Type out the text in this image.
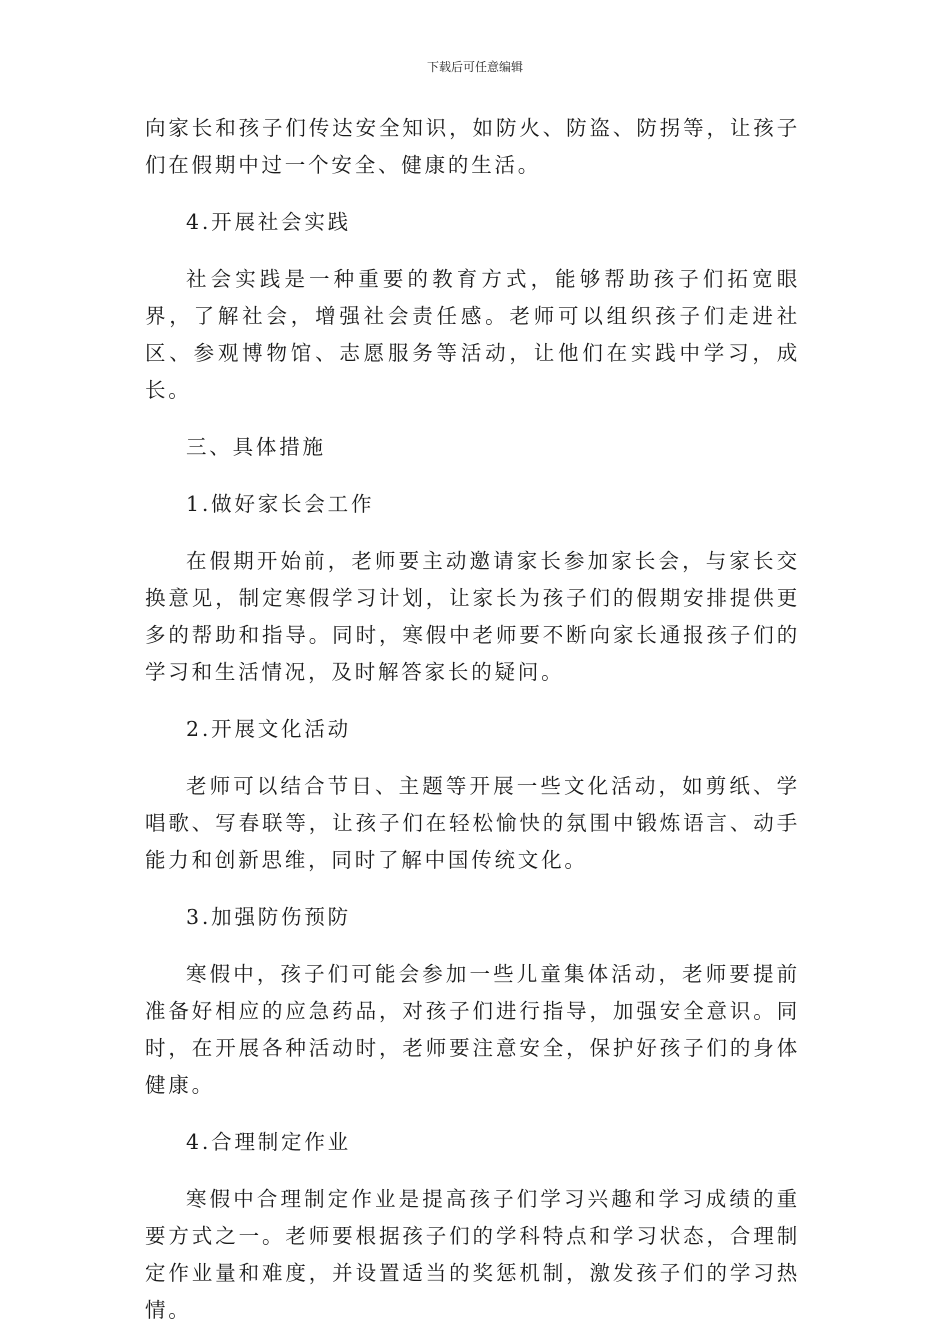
下载后可任意编辑

向家长和孩子们传达安全知识，如防火、防盗、防拐等，让孩子们在假期中过一个安全、健康的生活。

4.开展社会实践

社会实践是一种重要的教育方式，能够帮助孩子们拓宽眼界，了解社会，增强社会责任感。老师可以组织孩子们走进社区、参观博物馆、志愿服务等活动，让他们在实践中学习，成长。

三、具体措施

1.做好家长会工作

在假期开始前，老师要主动邀请家长参加家长会，与家长交换意见，制定寒假学习计划，让家长为孩子们的假期安排提供更多的帮助和指导。同时，寒假中老师要不断向家长通报孩子们的学习和生活情况，及时解答家长的疑问。

2.开展文化活动

老师可以结合节日、主题等开展一些文化活动，如剪纸、学唱歌、写春联等，让孩子们在轻松愉快的氛围中锻炼语言、动手能力和创新思维，同时了解中国传统文化。

3.加强防伤预防

寒假中，孩子们可能会参加一些儿童集体活动，老师要提前准备好相应的应急药品，对孩子们进行指导，加强安全意识。同时，在开展各种活动时，老师要注意安全，保护好孩子们的身体健康。

4.合理制定作业

寒假中合理制定作业是提高孩子们学习兴趣和学习成绩的重要方式之一。老师要根据孩子们的学科特点和学习状态，合理制定作业量和难度，并设置适当的奖惩机制，激发孩子们的学习热情。
